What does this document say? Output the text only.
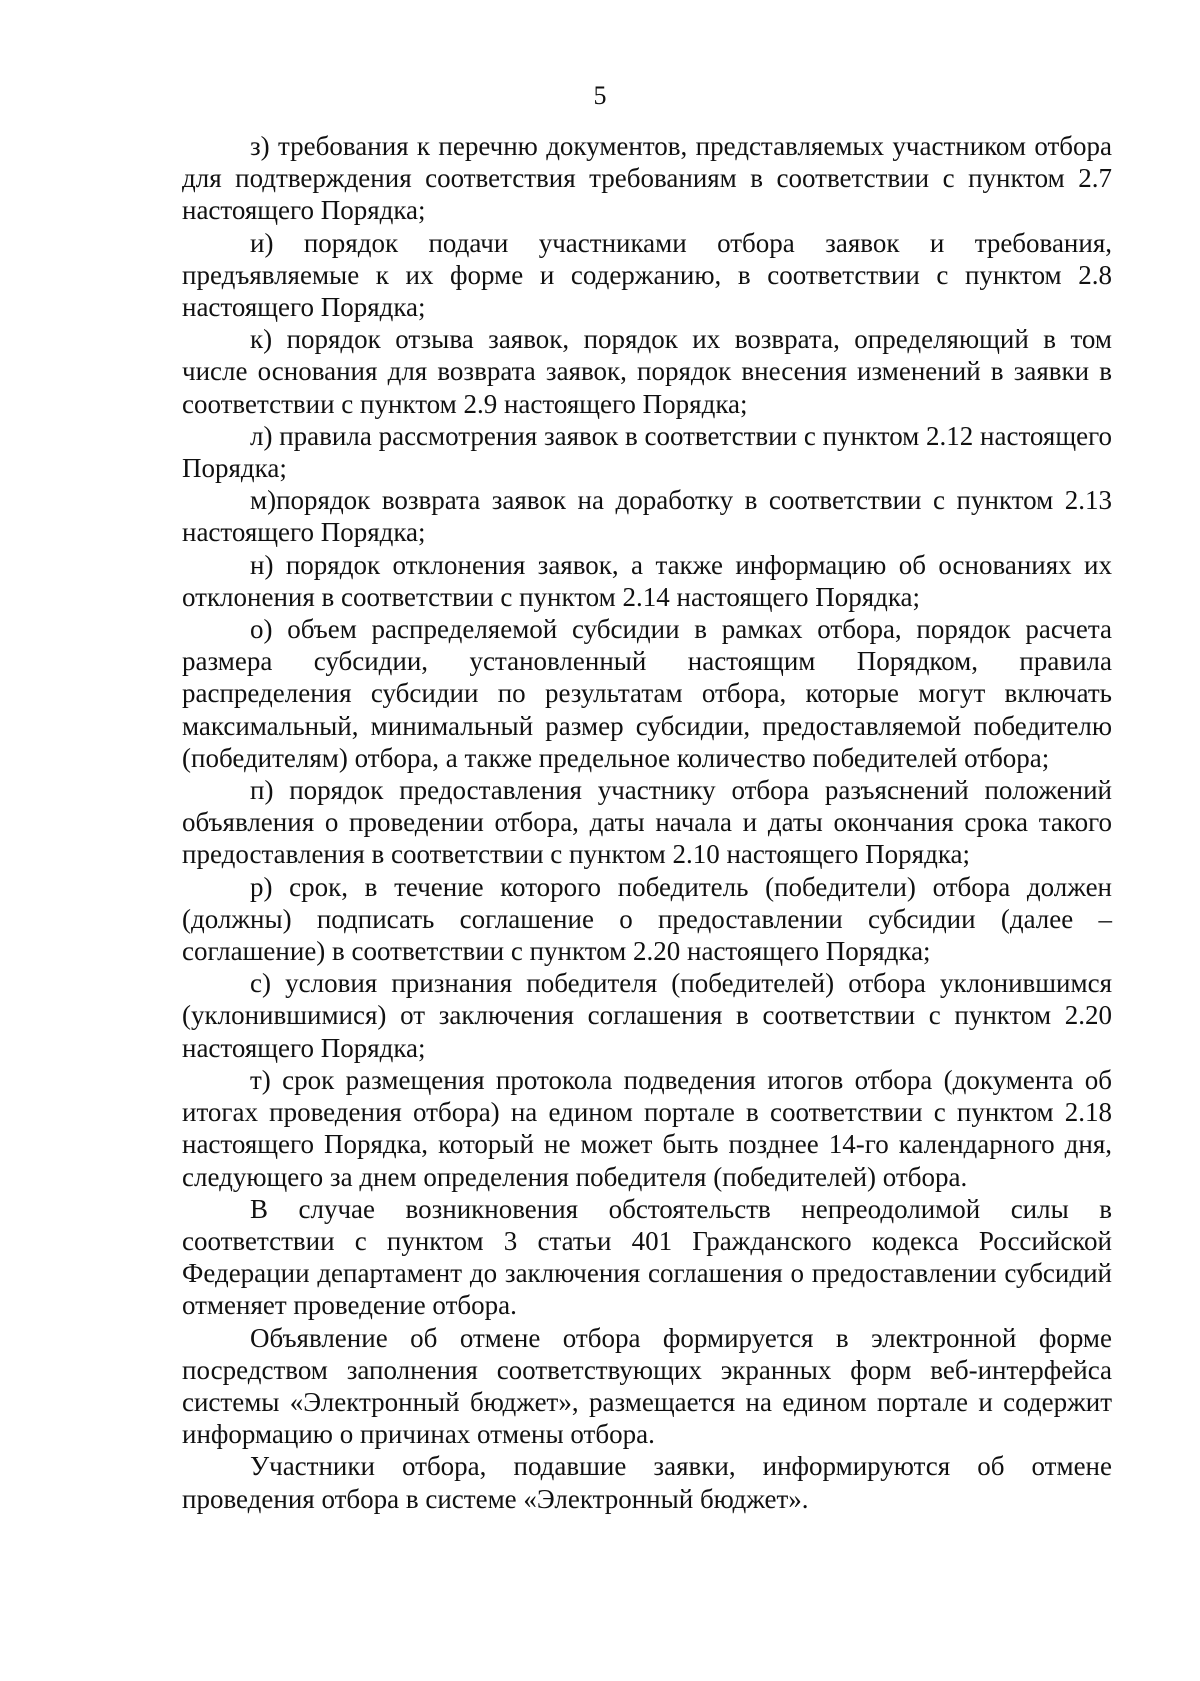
5

з) требования к перечню документов, представляемых участником отбора для подтверждения соответствия требованиям в соответствии с пунктом 2.7 настоящего Порядка;

и) порядок подачи участниками отбора заявок и требования, предъявляемые к их форме и содержанию, в соответствии с пунктом 2.8 настоящего Порядка;

к) порядок отзыва заявок, порядок их возврата, определяющий в том числе основания для возврата заявок, порядок внесения изменений в заявки в соответствии с пунктом 2.9 настоящего Порядка;

л) правила рассмотрения заявок в соответствии с пунктом 2.12 настоящего Порядка;

м)порядок возврата заявок на доработку в соответствии с пунктом 2.13 настоящего Порядка;

н) порядок отклонения заявок, а также информацию об основаниях их отклонения в соответствии с пунктом 2.14 настоящего Порядка;

о) объем распределяемой субсидии в рамках отбора, порядок расчета размера субсидии, установленный настоящим Порядком, правила распределения субсидии по результатам отбора, которые могут включать максимальный, минимальный размер субсидии, предоставляемой победителю (победителям) отбора, а также предельное количество победителей отбора;

п) порядок предоставления участнику отбора разъяснений положений объявления о проведении отбора, даты начала и даты окончания срока такого предоставления в соответствии с пунктом 2.10 настоящего Порядка;

р) срок, в течение которого победитель (победители) отбора должен (должны) подписать соглашение о предоставлении субсидии (далее – соглашение) в соответствии с пунктом 2.20 настоящего Порядка;

с) условия признания победителя (победителей) отбора уклонившимся (уклонившимися) от заключения соглашения в соответствии с пунктом 2.20 настоящего Порядка;

т) срок размещения протокола подведения итогов отбора (документа об итогах проведения отбора) на едином портале в соответствии с пунктом 2.18 настоящего Порядка, который не может быть позднее 14-го календарного дня, следующего за днем определения победителя (победителей) отбора.

В случае возникновения обстоятельств непреодолимой силы в соответствии с пунктом 3 статьи 401 Гражданского кодекса Российской Федерации департамент до заключения соглашения о предоставлении субсидий отменяет проведение отбора.

Объявление об отмене отбора формируется в электронной форме посредством заполнения соответствующих экранных форм веб-интерфейса системы «Электронный бюджет», размещается на едином портале и содержит информацию о причинах отмены отбора.

Участники отбора, подавшие заявки, информируются об отмене проведения отбора в системе «Электронный бюджет».
